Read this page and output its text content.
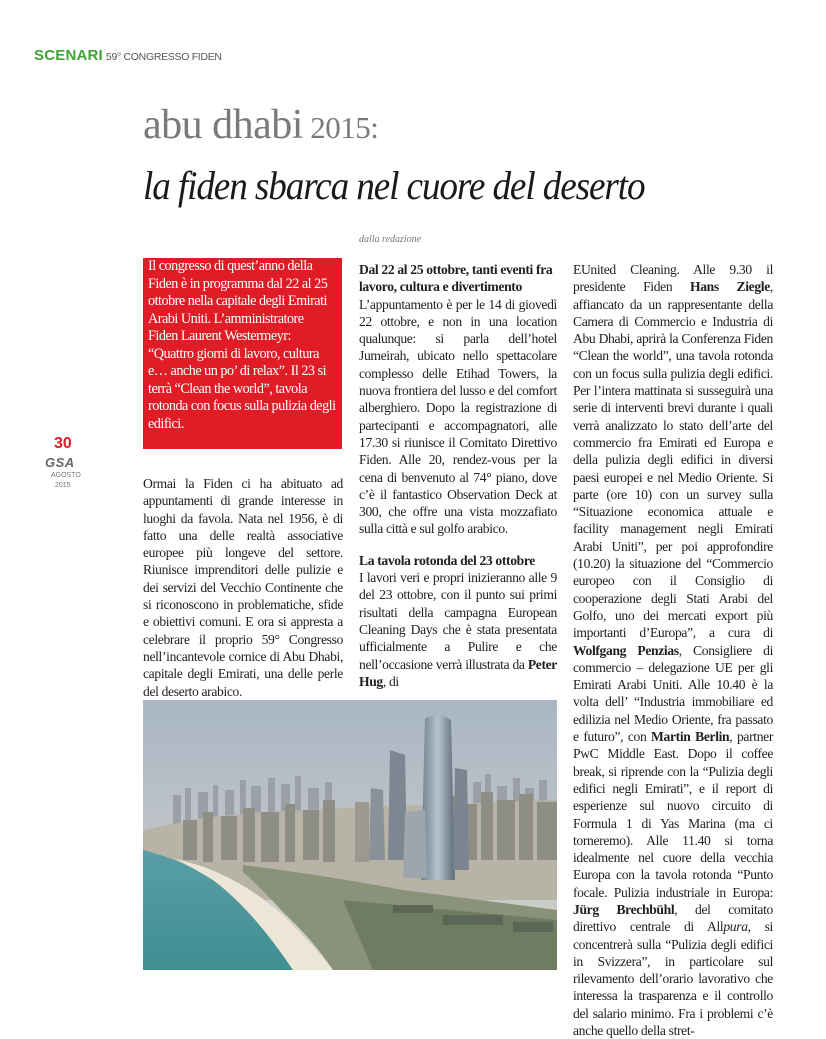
SCENARI 59° CONGRESSO FIDEN
abu dhabi 2015:
la fiden sbarca nel cuore del deserto
dalla redazione
Il congresso di quest’anno della Fiden è in programma dal 22 al 25 ottobre nella capitale degli Emirati Arabi Uniti. L’amministratore Fiden Laurent Westermeyr: “Quattro giorni di lavoro, cultura e… anche un po’ di relax”. Il 23 si terrà “Clean the world”, tavola rotonda con focus sulla pulizia degli edifici.
30
GSA
AGOSTO
2015	Ormai la Fiden ci ha abituato ad appuntamenti di grande interesse in luoghi da favola. Nata nel 1956, è di fatto una delle realtà associative europee più longeve del settore. Riunisce imprenditori delle pulizie e dei servizi del Vecchio Continente che si riconoscono in problematiche, sfide e obiettivi comuni. E ora si appresta a celebrare il proprio 59° Congresso nell’incantevole cornice di Abu Dhabi, capitale degli Emirati, una delle perle del deserto arabico.

Dal 22 al 25 ottobre, tanti eventi fra lavoro, cultura e divertimento

L’appuntamento è per le 14 di giovedì 22 ottobre, e non in una location qualunque: si parla dell’hotel Jumeirah, ubicato nello spettacolare complesso delle Etihad Towers, la nuova frontiera del lusso e del comfort alberghiero. Dopo la registrazione di partecipanti e accompagnatori, alle 17.30 si riunisce il Comitato Direttivo Fiden. Alle 20, rendez-vous per la cena di benvenuto al 74° piano, dove c’è il fantastico Observation Deck at 300, che offre una vista mozzafiato sulla città e sul golfo arabico.

La tavola rotonda del 23 ottobre

I lavori veri e propri inizieranno alle 9 del 23 ottobre, con il punto sui primi risultati della campagna European Cleaning Days che è stata presentata ufficialmente a Pulire e che nell’occasione verrà illustrata da Peter Hug, di

EUnited Cleaning. Alle 9.30 il presidente Fiden Hans Ziegle, affiancato da un rappresentante della Camera di Commercio e Industria di Abu Dhabi, aprirà la Conferenza Fiden “Clean the world”, una tavola rotonda con un focus sulla pulizia degli edifici. Per l’intera mattinata si susseguirà una serie di interventi brevi durante i quali verrà analizzato lo stato dell’arte del commercio fra Emirati ed Europa e della pulizia degli edifici in diversi paesi europei e nel Medio Oriente. Si parte (ore 10) con un survey sulla “Situazione economica attuale e facility management negli Emirati Arabi Uniti”, per poi approfondire (10.20) la situazione del “Commercio europeo con il Consiglio di cooperazione degli Stati Arabi del Golfo, uno dei mercati export più importanti d’Europa”, a cura di Wolfgang Penzias, Consigliere di commercio – delegazione UE per gli Emirati Arabi Uniti. Alle 10.40 è la volta dell’ “Industria immobiliare ed edilizia nel Medio Oriente, fra passato e futuro”, con Martin Berlin, partner PwC Middle East. Dopo il coffee break, si riprende con la “Pulizia degli edifici negli Emirati”, e il report di esperienze sul nuovo circuito di Formula 1 di Yas Marina (ma ci torneremo). Alle 11.40 si torna idealmente nel cuore della vecchia Europa con la tavola rotonda “Punto focale. Pulizia industriale in Europa: Jürg Brechbühl, del comitato direttivo centrale di Allpura, si concentrerà sulla “Pulizia degli edifici in Svizzera”, in particolare sul rilevamento dell’orario lavorativo che interessa la trasparenza e il controllo del salario minimo. Fra i problemi c’è anche quello della stret-
